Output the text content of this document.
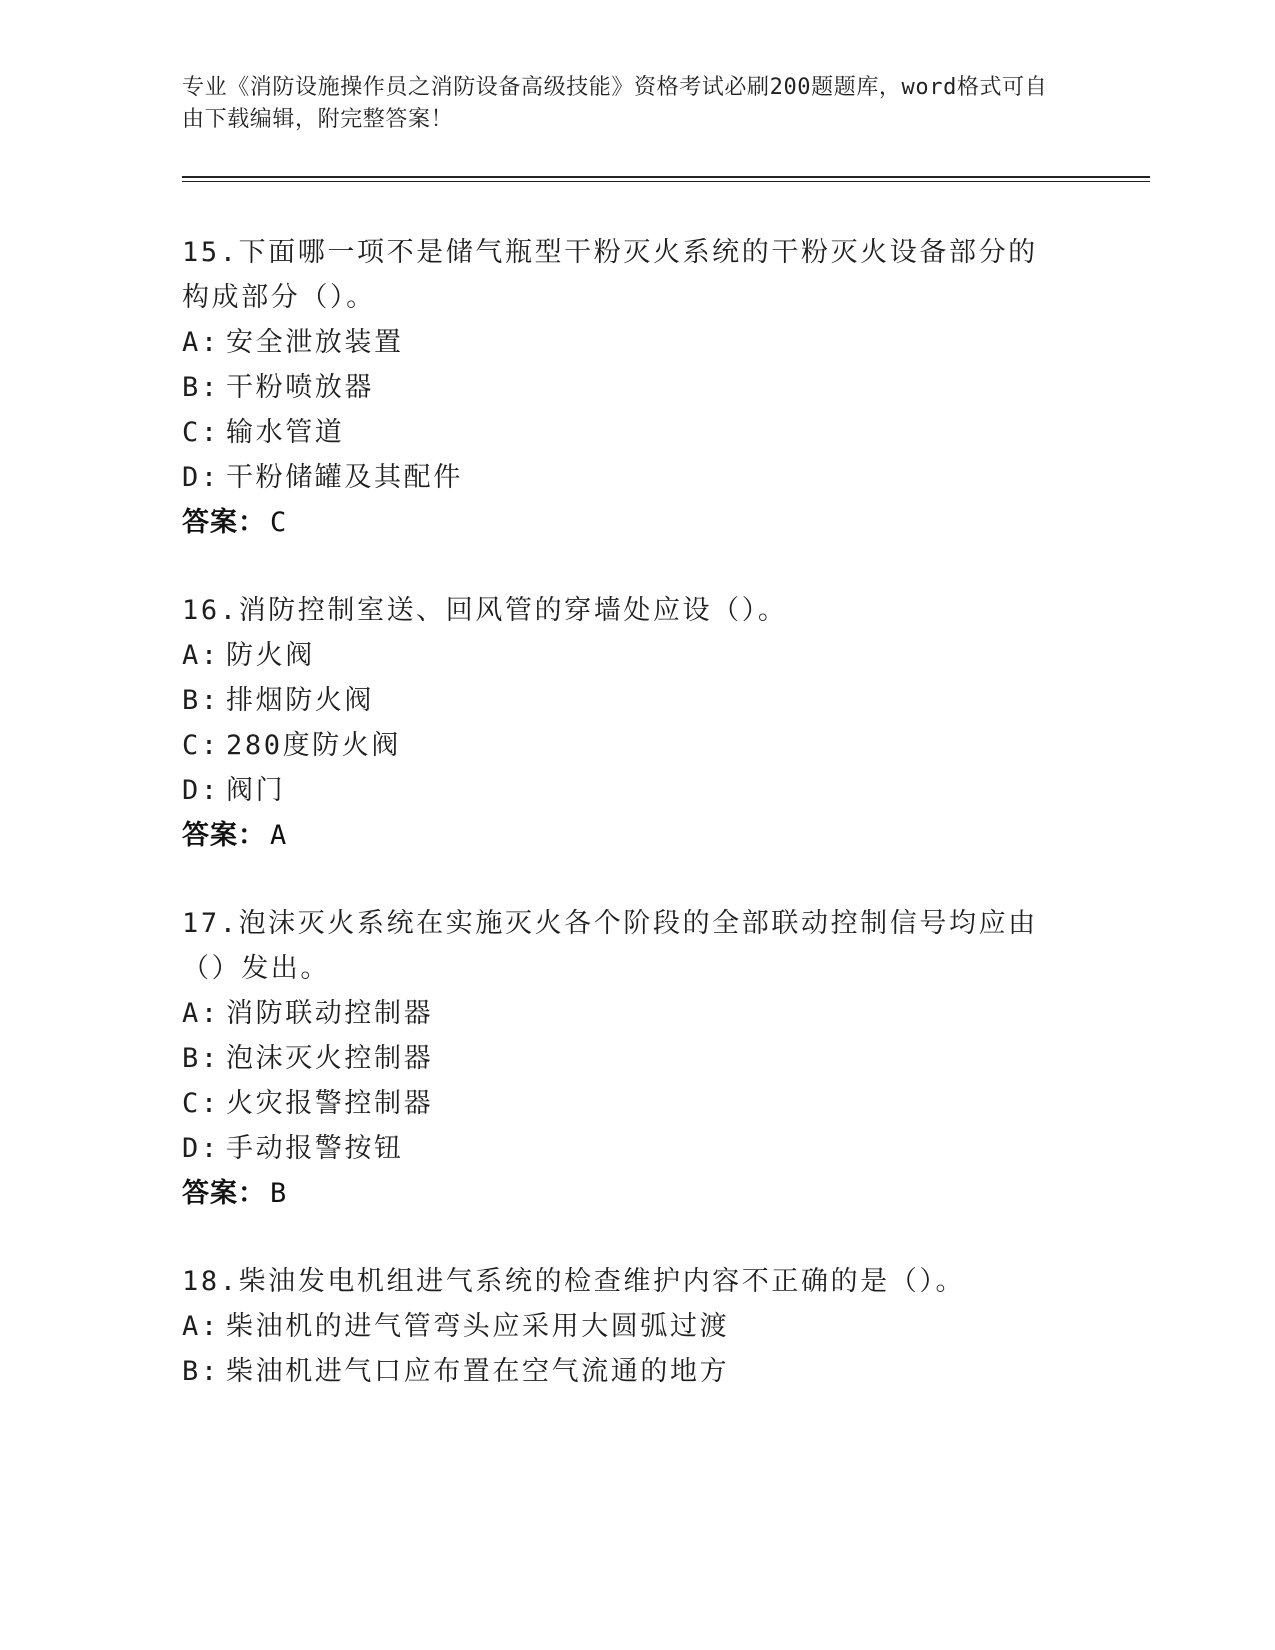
专业《消防设施操作员之消防设备高级技能》资格考试必刷200题题库，word格式可自由下载编辑，附完整答案！

15.下面哪一项不是储气瓶型干粉灭火系统的干粉灭火设备部分的构成部分（）。

A: 安全泄放装置

B: 干粉喷放器

C: 输水管道

D: 干粉储罐及其配件

答案： C

16.消防控制室送、回风管的穿墙处应设（）。

A: 防火阀

B: 排烟防火阀

C: 280度防火阀

D: 阀门

答案： A

17.泡沫灭火系统在实施灭火各个阶段的全部联动控制信号均应由（）发出。

A: 消防联动控制器

B: 泡沫灭火控制器

C: 火灾报警控制器

D: 手动报警按钮

答案： B

18.柴油发电机组进气系统的检查维护内容不正确的是（）。

A: 柴油机的进气管弯头应采用大圆弧过渡

B: 柴油机进气口应布置在空气流通的地方
